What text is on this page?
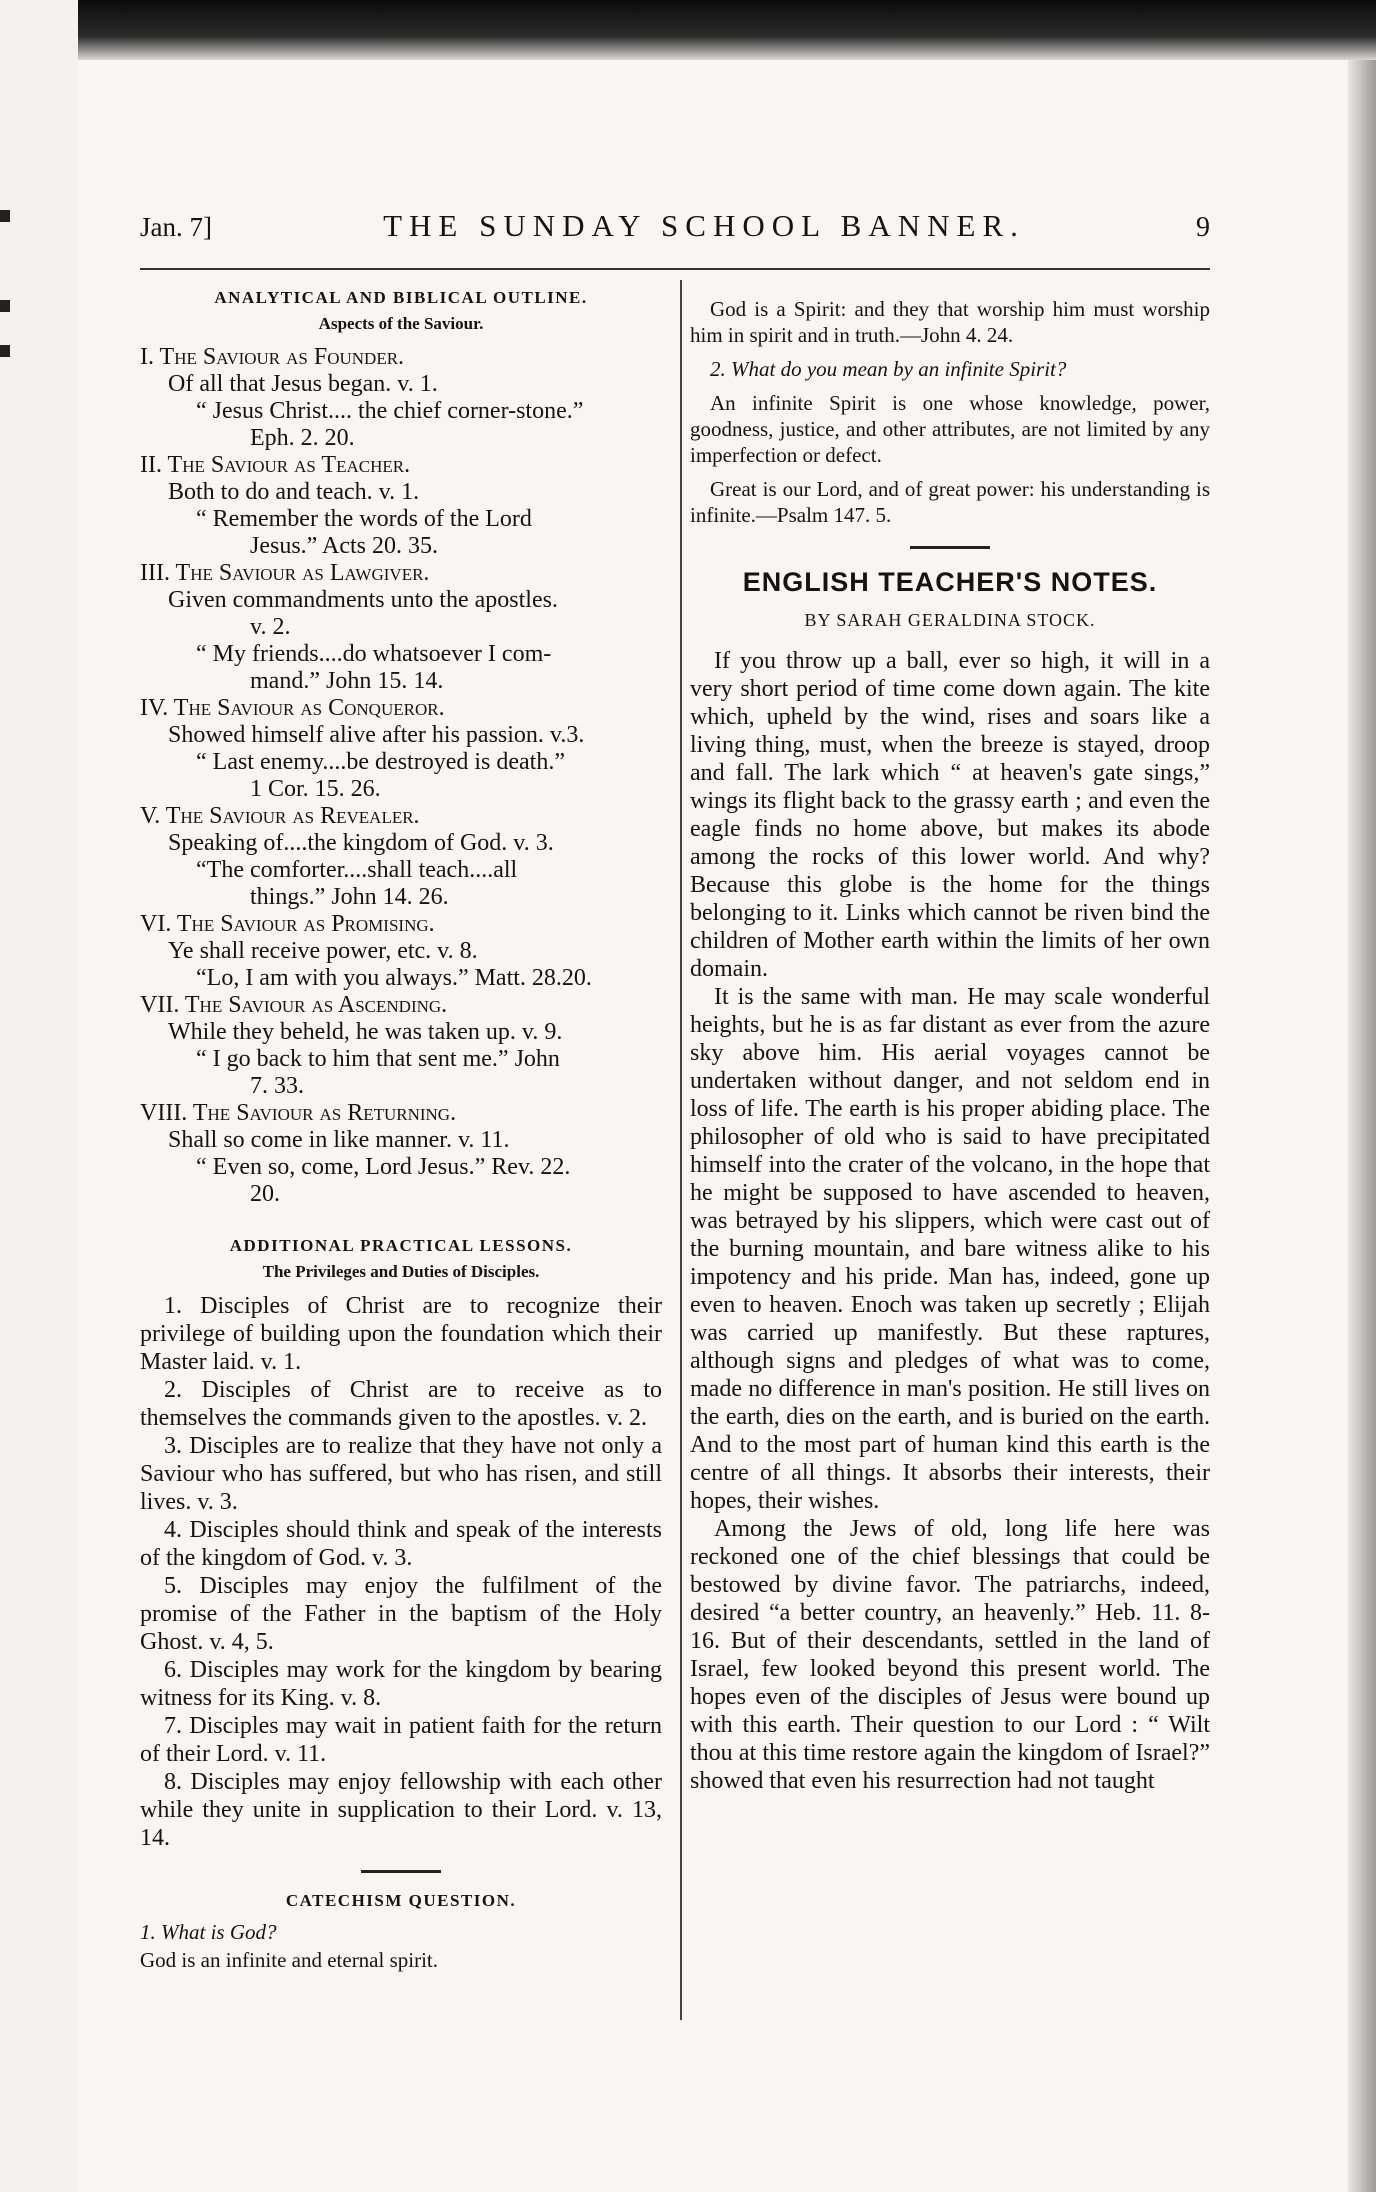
Jan. 7]	THE SUNDAY SCHOOL BANNER.	9

ANALYTICAL AND BIBLICAL OUTLINE.

Aspects of the Saviour.

I. The Saviour as Founder.
Of all that Jesus began. v. 1.
“ Jesus Christ.... the chief corner-stone.”
Eph. 2. 20.
II. The Saviour as Teacher.
Both to do and teach. v. 1.
“ Remember the words of the Lord
Jesus.” Acts 20. 35.
III. The Saviour as Lawgiver.
Given commandments unto the apostles.
v. 2.
“ My friends....do whatsoever I com-
mand.” John 15. 14.
IV. The Saviour as Conqueror.
Showed himself alive after his passion. v.3.
“ Last enemy....be destroyed is death.”
1 Cor. 15. 26.
V. The Saviour as Revealer.
Speaking of....the kingdom of God. v. 3.
“The comforter....shall teach....all
things.” John 14. 26.
VI. The Saviour as Promising.
Ye shall receive power, etc. v. 8.
“Lo, I am with you always.” Matt. 28.20.
VII. The Saviour as Ascending.
While they beheld, he was taken up. v. 9.
“ I go back to him that sent me.” John
7. 33.
VIII. The Saviour as Returning.
Shall so come in like manner. v. 11.
“ Even so, come, Lord Jesus.” Rev. 22.
20.

ADDITIONAL PRACTICAL LESSONS.

The Privileges and Duties of Disciples.

1. Disciples of Christ are to recognize their privilege of building upon the foundation which their Master laid. v. 1.

2. Disciples of Christ are to receive as to themselves the commands given to the apostles. v. 2.

3. Disciples are to realize that they have not only a Saviour who has suffered, but who has risen, and still lives. v. 3.

4. Disciples should think and speak of the interests of the kingdom of God. v. 3.

5. Disciples may enjoy the fulfilment of the promise of the Father in the baptism of the Holy Ghost. v. 4, 5.

6. Disciples may work for the kingdom by bearing witness for its King. v. 8.

7. Disciples may wait in patient faith for the return of their Lord. v. 11.

8. Disciples may enjoy fellowship with each other while they unite in supplication to their Lord. v. 13, 14.

CATECHISM QUESTION.

1. What is God?

God is an infinite and eternal spirit.

God is a Spirit: and they that worship him must worship him in spirit and in truth.—John 4. 24.

2. What do you mean by an infinite Spirit?

An infinite Spirit is one whose knowledge, power, goodness, justice, and other attributes, are not limited by any imperfection or defect.

Great is our Lord, and of great power: his understanding is infinite.—Psalm 147. 5.

ENGLISH TEACHER'S NOTES.

BY SARAH GERALDINA STOCK.

If you throw up a ball, ever so high, it will in a very short period of time come down again. The kite which, upheld by the wind, rises and soars like a living thing, must, when the breeze is stayed, droop and fall. The lark which “ at heaven's gate sings,” wings its flight back to the grassy earth ; and even the eagle finds no home above, but makes its abode among the rocks of this lower world. And why? Because this globe is the home for the things belonging to it. Links which cannot be riven bind the children of Mother earth within the limits of her own domain.

It is the same with man. He may scale wonderful heights, but he is as far distant as ever from the azure sky above him. His aerial voyages cannot be undertaken without danger, and not seldom end in loss of life. The earth is his proper abiding place. The philosopher of old who is said to have precipitated himself into the crater of the volcano, in the hope that he might be supposed to have ascended to heaven, was betrayed by his slippers, which were cast out of the burning mountain, and bare witness alike to his impotency and his pride. Man has, indeed, gone up even to heaven. Enoch was taken up secretly ; Elijah was carried up manifestly. But these raptures, although signs and pledges of what was to come, made no difference in man's position. He still lives on the earth, dies on the earth, and is buried on the earth. And to the most part of human kind this earth is the centre of all things. It absorbs their interests, their hopes, their wishes.

Among the Jews of old, long life here was reckoned one of the chief blessings that could be bestowed by divine favor. The patriarchs, indeed, desired “a better country, an heavenly.” Heb. 11. 8-16. But of their descendants, settled in the land of Israel, few looked beyond this present world. The hopes even of the disciples of Jesus were bound up with this earth. Their question to our Lord : “ Wilt thou at this time restore again the kingdom of Israel?” showed that even his resurrection had not taught
